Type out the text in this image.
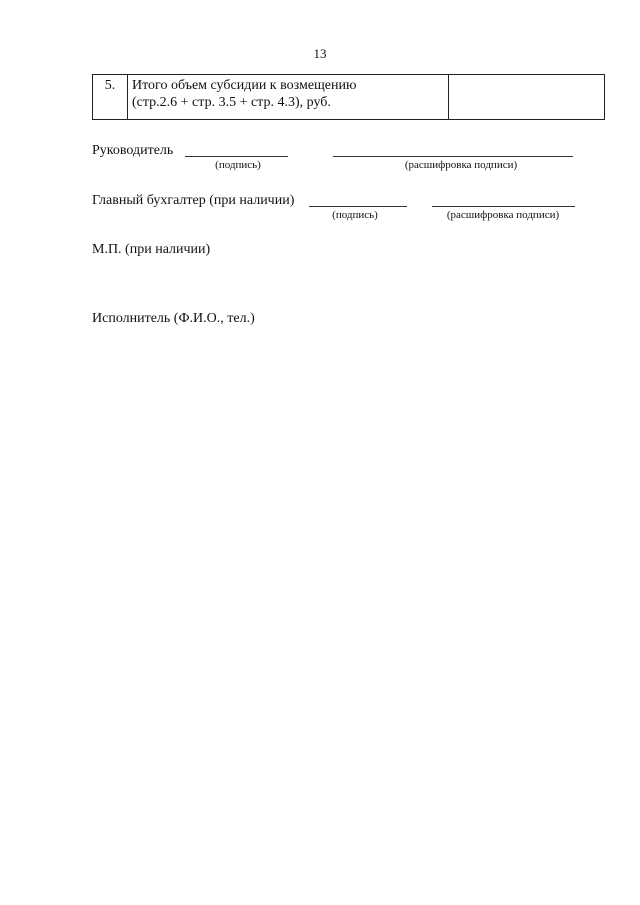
13
5.	Итого объем субсидии к возмещению
(стр.2.6 + стр. 3.5 + стр. 4.3), руб.

Руководитель
(подпись)	(расшифровка подписи)
Главный бухгалтер (при наличии)
(подпись)	(расшифровка подписи)
М.П. (при наличии)
Исполнитель (Ф.И.О., тел.)
